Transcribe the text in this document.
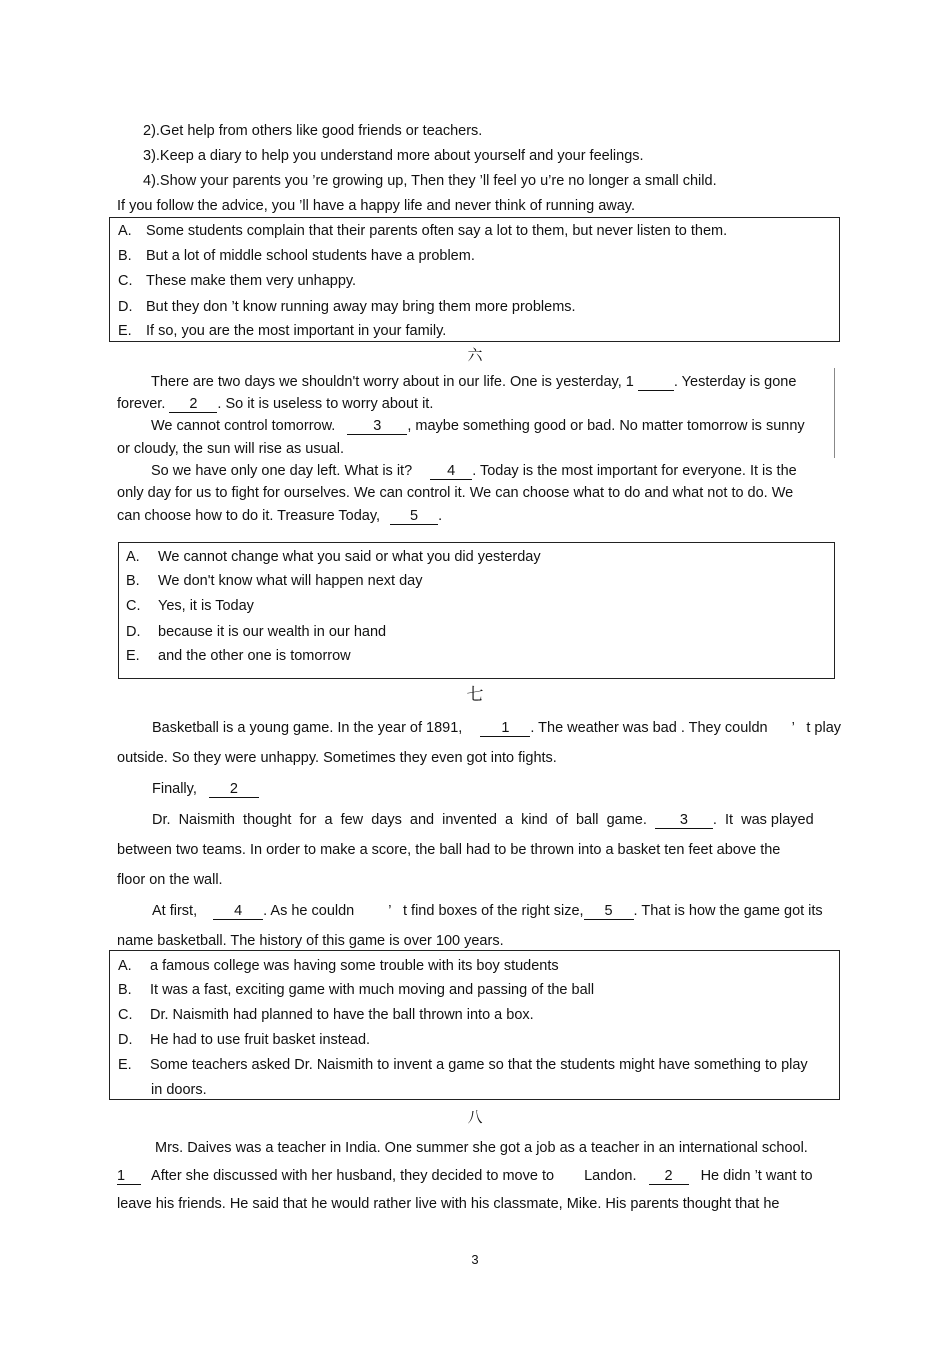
2).Get help from others like good friends or teachers.
3).Keep a diary to help you understand more about yourself and your feelings.
4).Show your parents you ’re growing up, Then they ’ll feel yo u’re no longer a small child.
If you follow the advice, you ’ll have a happy life and never think of running away.
A. Some students complain that their parents often say a lot to them, but never listen to them.
B. But a lot of middle school students have a problem.
C. These make them very unhappy.
D. But they don ’t know running away may bring them more problems.
E. If so, you are the most important in your family.
六
There are two days we shouldn't worry about in our life. One is yesterday, 1	. Yesterday is gone
forever. 2 . So it is useless to worry about it.
We cannot control tomorrow.	3 , maybe something good or bad. No matter tomorrow is sunny
or cloudy, the sun will rise as usual.
So we have only one day left. What is it? 4 . Today is the most important for everyone. It is the
only day for us to fight for ourselves. We can control it. We can choose what to do and what not to do. We
can choose how to do it. Treasure Today, 5 .
A. We cannot change what you said or what you did yesterday
B. We don't know what will happen next day
C. Yes, it is Today
D. because it is our wealth in our hand
E. and the other one is tomorrow
七
Basketball is a young game. In the year of 1891,	1 . The weather was bad . They couldn ’ t play
outside. So they were unhappy. Sometimes they even got into fights.
Finally, 2
Dr.  Naismith  thought  for  a  few  days  and  invented  a  kind  of  ball  game. 3 .  It  was played
between two teams. In order to make a score, the ball had to be thrown into a basket ten feet above the
floor on the wall.
At first,	4 . As he couldn ’ t find boxes of the right size, 5 . That is how the game got its
name basketball. The history of this game is over 100 years.
A. a famous college was having some trouble with its boy students
B. It was a fast, exciting game with much moving and passing of the ball
C. Dr. Naismith had planned to have the ball thrown into a box.
D. He had to use fruit basket instead.
E. Some teachers asked Dr. Naismith to invent a game so that the students might have something to play
in doors.
八
Mrs. Daives was a teacher in India. One summer she got a job as a teacher in an international school.
1 After she discussed with her husband, they decided to move to Landon. 2 He didn ’t want to
leave his friends. He said that he would rather live with his classmate, Mike. His parents thought that he
3
